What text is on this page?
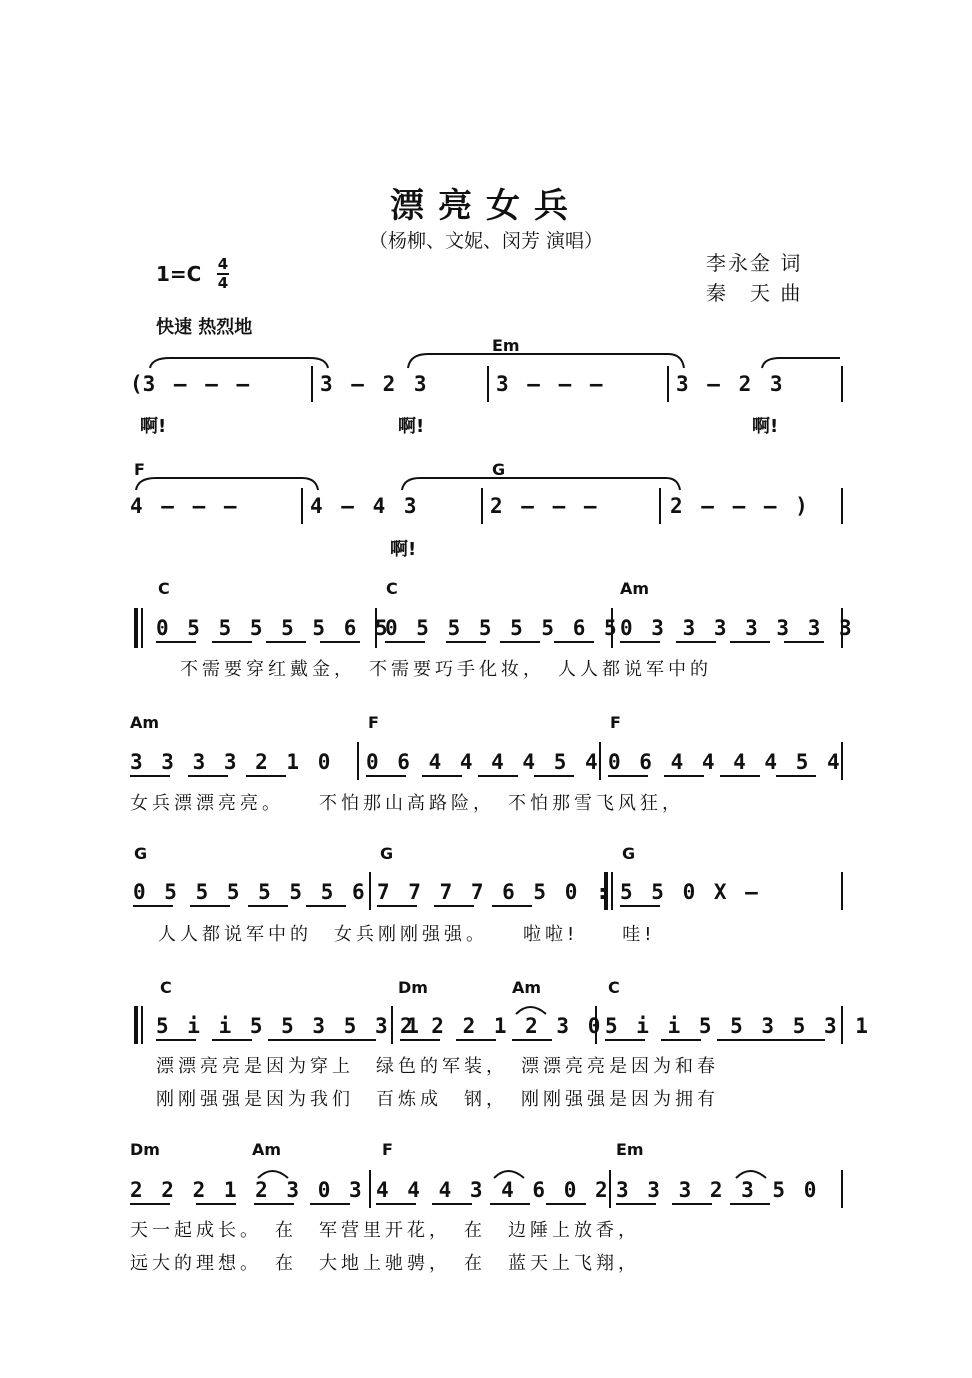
漂亮女兵
（杨柳、文妮、闵芳 演唱）
李永金 词
秦　天 曲
1=C 4
4
快速 热烈地
Em
(3 – – –	3 – 2 3	3 – – –	3 – 2 3
啊!	啊!	啊!
F	G
4 – – –	4 – 4 3	2 – – –	2 – – – )
啊!
C	C	Am
0 5 5 5 5 5 6 5
0 5 5 5 5 5 6 5 0 3 3 3 3 3 3 3
不需要穿红戴金，　不需要巧手化妆，　人人都说军中的
Am	F	F
3 3 3 3 2 1 0 0 6 4 4 4 4 5 4 0 6 4 4 4 4 5 4
女兵漂漂亮亮。　　不怕那山高路险，　不怕那雪飞风狂，
G	G	G
0 5 5 5 5 5 5 6 7 7 7 7 6 5 0 : 5 5 0 X –
人人都说军中的　女兵刚刚强强。　　啦啦!　　哇!
C	Dm	Am	C
5 i i 5 5 3 5 3 1
2 2 2 1 2 3 0 5 i i 5 5 3 5 3 1
漂漂亮亮是因为穿上　绿色的军装，　漂漂亮亮是因为和春
刚刚强强是因为我们　百炼成　钢，　刚刚强强是因为拥有
Dm	Am	F	Em
2 2 2 1 2 3 0 3 4 4 4 3 4 6 0 2 3 3 3 2 3 5 0
天一起成长。　在　军营里开花，　在　边陲上放香，
远大的理想。　在　大地上驰骋，　在　蓝天上飞翔，
